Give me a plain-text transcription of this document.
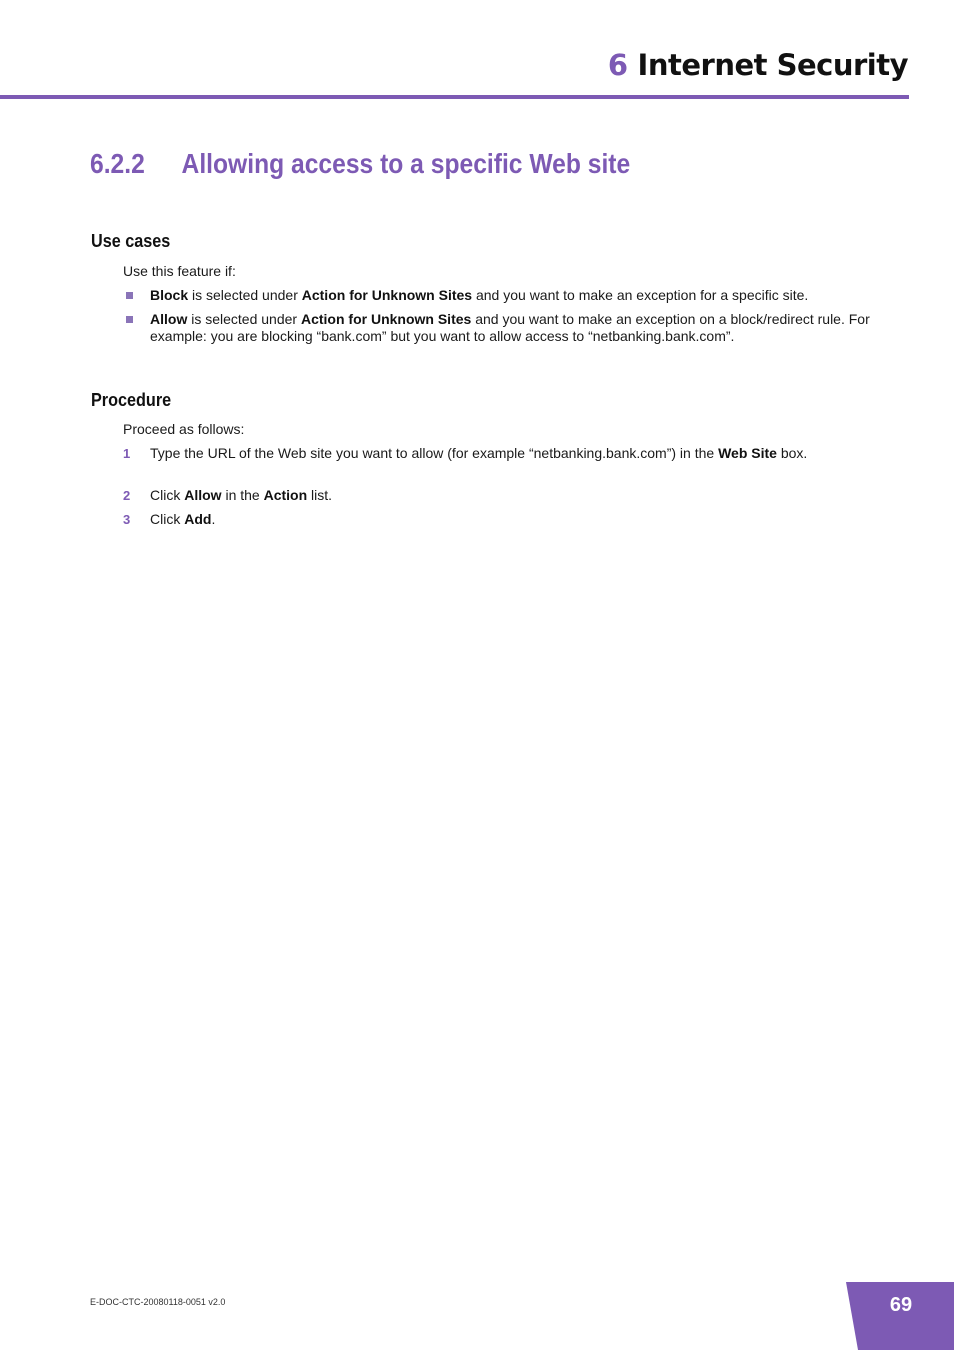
6 Internet Security
6.2.2 Allowing access to a specific Web site
Use cases
Use this feature if:
Block is selected under Action for Unknown Sites and you want to make an exception for a specific site.
Allow is selected under Action for Unknown Sites and you want to make an exception on a block/redirect rule. For example: you are blocking “bank.com” but you want to allow access to “netbanking.bank.com”.
Procedure
Proceed as follows:
1	Type the URL of the Web site you want to allow (for example “netbanking.bank.com”) in the Web Site box.
2	Click Allow in the Action list.
3	Click Add.
E-DOC-CTC-20080118-0051 v2.0	69
